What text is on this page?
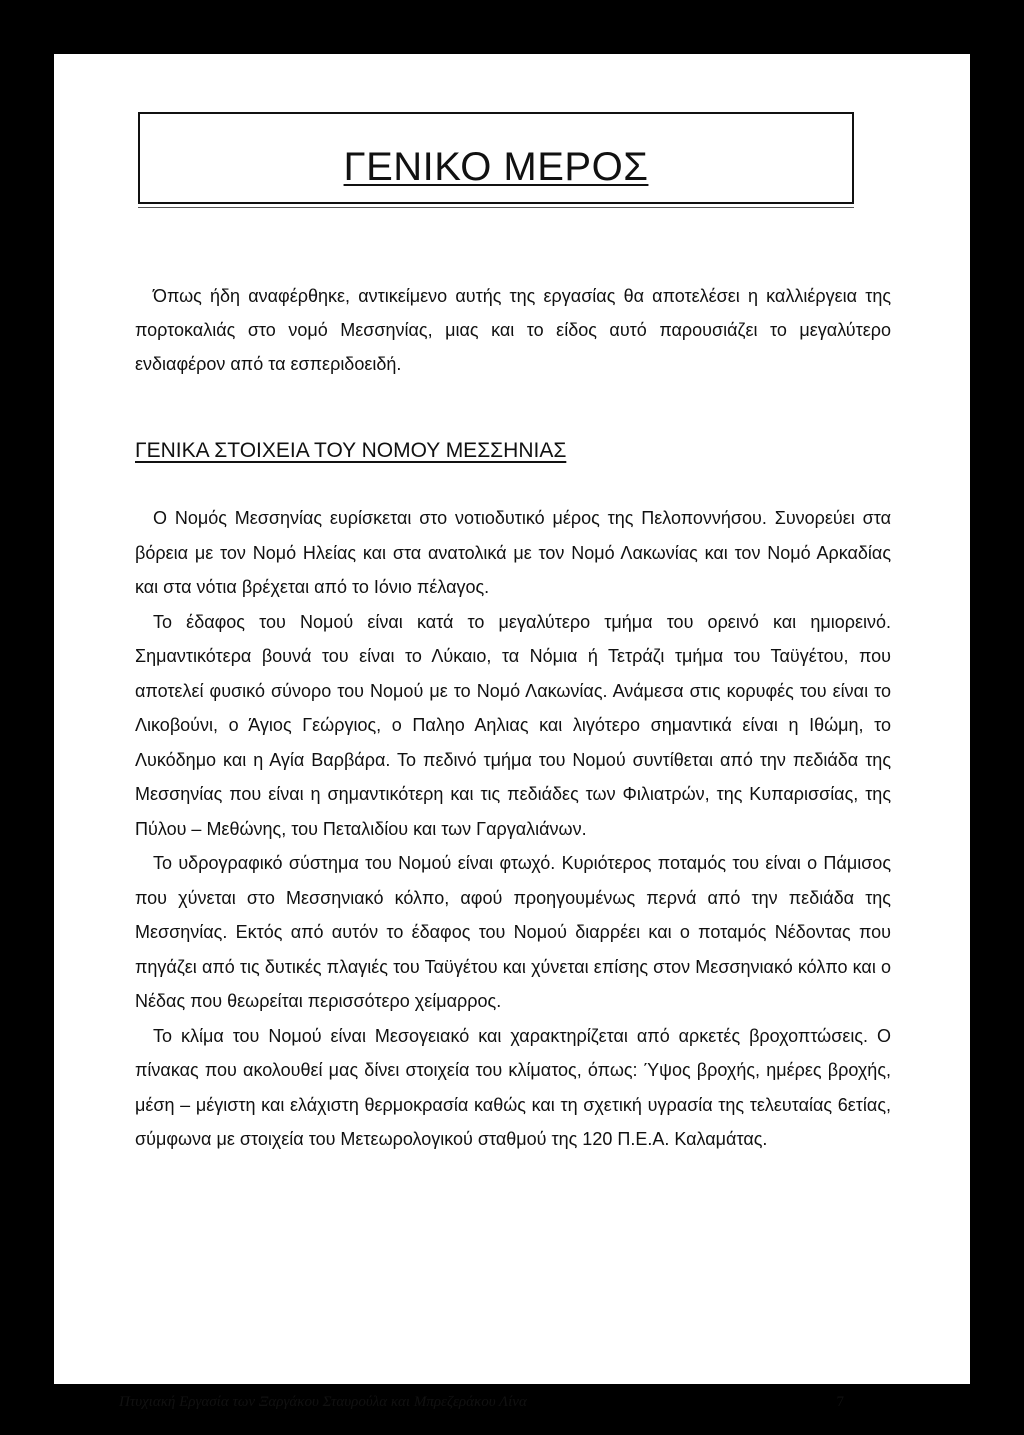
ΓΕΝΙΚΟ ΜΕΡΟΣ

Όπως ήδη αναφέρθηκε, αντικείμενο αυτής της εργασίας θα αποτελέσει η καλλιέργεια της πορτοκαλιάς στο νομό Μεσσηνίας, μιας και το είδος αυτό παρουσιάζει το μεγαλύτερο ενδιαφέρον από τα εσπεριδοειδή.

ΓΕΝΙΚΑ ΣΤΟΙΧΕΙΑ ΤΟΥ ΝΟΜΟΥ ΜΕΣΣΗΝΙΑΣ

Ο Νομός Μεσσηνίας ευρίσκεται στο νοτιοδυτικό μέρος της Πελοποννήσου. Συνορεύει στα βόρεια με τον Νομό Ηλείας και στα ανατολικά με τον Νομό Λακωνίας και τον Νομό Αρκαδίας και στα νότια βρέχεται από το Ιόνιο πέλαγος.

Το έδαφος του Νομού είναι κατά το μεγαλύτερο τμήμα του ορεινό και ημιορεινό. Σημαντικότερα βουνά του είναι το Λύκαιο, τα Νόμια ή Τετράζι τμήμα του Ταϋγέτου, που αποτελεί φυσικό σύνορο του Νομού με το Νομό Λακωνίας. Ανάμεσα στις κορυφές του είναι το Λικοβούνι, ο Άγιος Γεώργιος, ο Παληο Αηλιας και λιγότερο σημαντικά είναι η Ιθώμη, το Λυκόδημο και η Αγία Βαρβάρα. Το πεδινό τμήμα του Νομού συντίθεται από την πεδιάδα της Μεσσηνίας που είναι η σημαντικότερη και τις πεδιάδες των Φιλιατρών, της Κυπαρισσίας, της Πύλου – Μεθώνης, του Πεταλιδίου και των Γαργαλιάνων.

Το υδρογραφικό σύστημα του Νομού είναι φτωχό. Κυριότερος ποταμός του είναι ο Πάμισος που χύνεται στο Μεσσηνιακό κόλπο, αφού προηγουμένως περνά από την πεδιάδα της Μεσσηνίας. Εκτός από αυτόν το έδαφος του Νομού διαρρέει και ο ποταμός Νέδοντας που πηγάζει από τις δυτικές πλαγιές του Ταϋγέτου και χύνεται επίσης στον Μεσσηνιακό κόλπο και ο Νέδας που θεωρείται περισσότερο χείμαρρος.

Το κλίμα του Νομού είναι Μεσογειακό και χαρακτηρίζεται από αρκετές βροχοπτώσεις. Ο πίνακας που ακολουθεί μας δίνει στοιχεία του κλίματος, όπως: Ύψος βροχής, ημέρες βροχής, μέση – μέγιστη και ελάχιστη θερμοκρασία καθώς και τη σχετική υγρασία της τελευταίας 6ετίας, σύμφωνα με στοιχεία του Μετεωρολογικού σταθμού της 120 Π.Ε.Α. Καλαμάτας.

Πτυχιακή Εργασία των Ξαργάκου Σταυρούλα και Μπρεζεράκου Λίνα	7
